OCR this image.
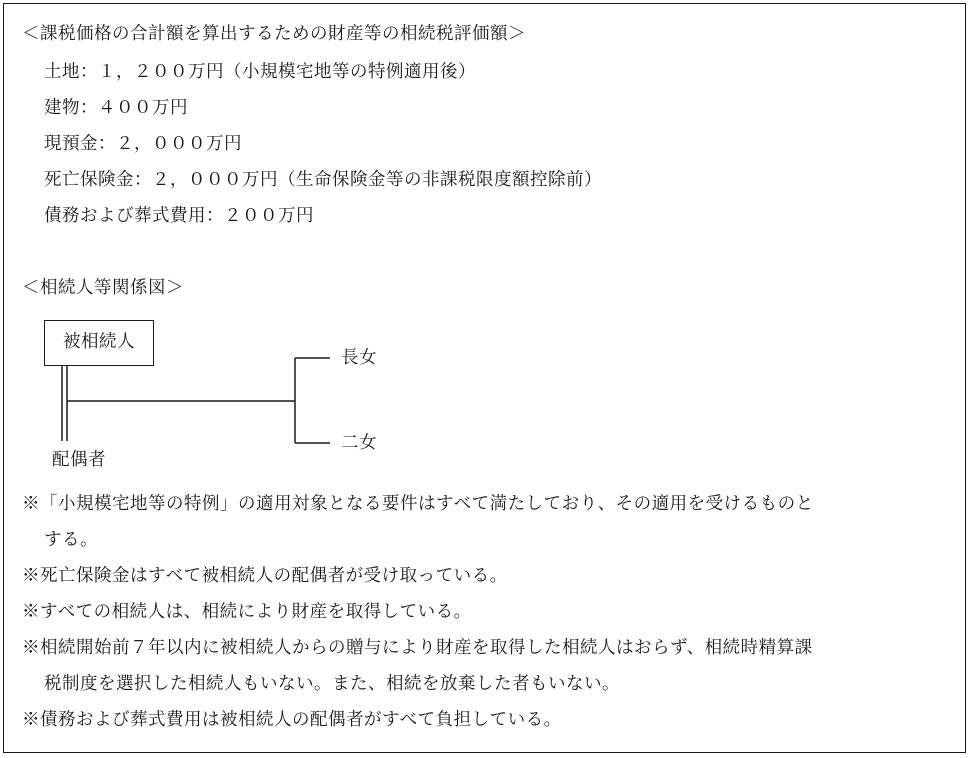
＜課税価格の合計額を算出するための財産等の相続税評価額＞
土地：１，２００万円（小規模宅地等の特例適用後）
建物：４００万円
現預金：２，０００万円
死亡保険金：２，０００万円（生命保険金等の非課税限度額控除前）
債務および葬式費用：２００万円
＜相続人等関係図＞
被相続人
長女
二女
配偶者
※「小規模宅地等の特例」の適用対象となる要件はすべて満たしており、その適用を受けるものと
する。
※死亡保険金はすべて被相続人の配偶者が受け取っている。
※すべての相続人は、相続により財産を取得している。
※相続開始前７年以内に被相続人からの贈与により財産を取得した相続人はおらず、相続時精算課
税制度を選択した相続人もいない。また、相続を放棄した者もいない。
※債務および葬式費用は被相続人の配偶者がすべて負担している。
